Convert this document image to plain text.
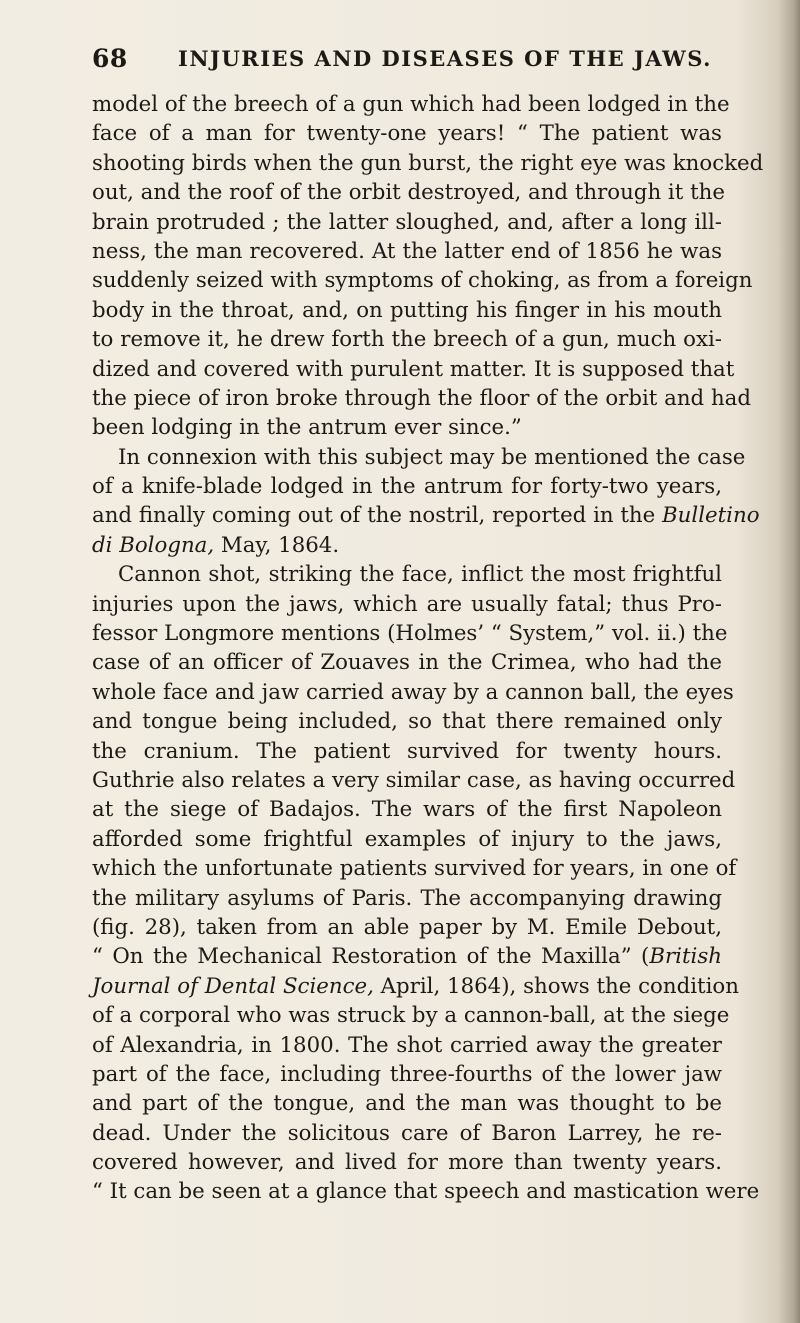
68 INJURIES AND DISEASES OF THE JAWS.
model of the breech of a gun which had been lodged in the
face of a man for twenty-one years! “ The patient was
shooting birds when the gun burst, the right eye was knocked
out, and the roof of the orbit destroyed, and through it the
brain protruded ; the latter sloughed, and, after a long ill-
ness, the man recovered. At the latter end of 1856 he was
suddenly seized with symptoms of choking, as from a foreign
body in the throat, and, on putting his finger in his mouth
to remove it, he drew forth the breech of a gun, much oxi-
dized and covered with purulent matter. It is supposed that
the piece of iron broke through the floor of the orbit and had
been lodging in the antrum ever since.”
In connexion with this subject may be mentioned the case
of a knife-blade lodged in the antrum for forty-two years,
and finally coming out of the nostril, reported in the Bulletino
di Bologna, May, 1864.
Cannon shot, striking the face, inflict the most frightful
injuries upon the jaws, which are usually fatal; thus Pro-
fessor Longmore mentions (Holmes’ “ System,” vol. ii.) the
case of an officer of Zouaves in the Crimea, who had the
whole face and jaw carried away by a cannon ball, the eyes
and tongue being included, so that there remained only
the cranium. The patient survived for twenty hours.
Guthrie also relates a very similar case, as having occurred
at the siege of Badajos. The wars of the first Napoleon
afforded some frightful examples of injury to the jaws,
which the unfortunate patients survived for years, in one of
the military asylums of Paris. The accompanying drawing
(fig. 28), taken from an able paper by M. Emile Debout,
“ On the Mechanical Restoration of the Maxilla” (British
Journal of Dental Science, April, 1864), shows the condition
of a corporal who was struck by a cannon-ball, at the siege
of Alexandria, in 1800. The shot carried away the greater
part of the face, including three-fourths of the lower jaw
and part of the tongue, and the man was thought to be
dead. Under the solicitous care of Baron Larrey, he re-
covered however, and lived for more than twenty years.
“ It can be seen at a glance that speech and mastication were
